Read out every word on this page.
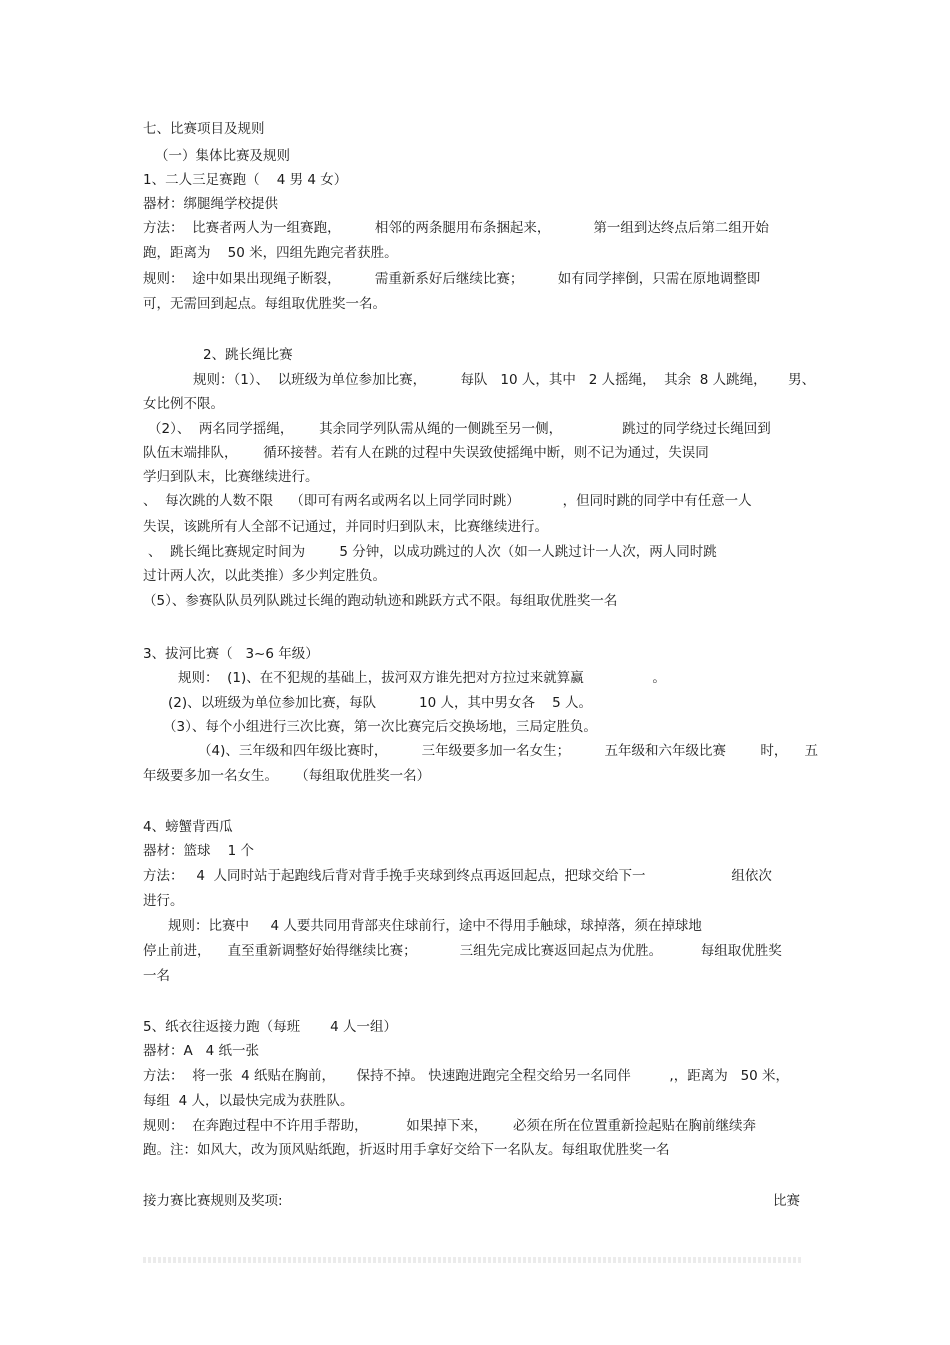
七、比赛项目及规则
（一）集体比赛及规则
1、二人三足赛跑（    4 男 4 女）
器材：绑腿绳学校提供
方法：  比赛者两人为一组赛跑，        相邻的两条腿用布条捆起来，          第一组到达终点后第二组开始
跑，距离为    50 米，四组先跑完者获胜。
规则：  途中如果出现绳子断裂，        需重新系好后继续比赛；        如有同学摔倒，只需在原地调整即
可，无需回到起点。每组取优胜奖一名。
2、跳长绳比赛
规则：（1）、  以班级为单位参加比赛，        每队   10 人，其中   2 人摇绳，  其余  8 人跳绳，     男、
女比例不限。
（2）、  两名同学摇绳，      其余同学列队需从绳的一侧跳至另一侧，              跳过的同学绕过长绳回到
队伍末端排队，      循环接替。若有人在跳的过程中失误致使摇绳中断，则不记为通过，失误同
学归到队末，比赛继续进行。
、  每次跳的人数不限    （即可有两名或两名以上同学同时跳）          ，但同时跳的同学中有任意一人
失误，该跳所有人全部不记通过，并同时归到队末，比赛继续进行。
、  跳长绳比赛规定时间为        5 分钟，以成功跳过的人次（如一人跳过计一人次，两人同时跳
过计两人次，以此类推）多少判定胜负。
（5）、参赛队队员列队跳过长绳的跑动轨迹和跳跃方式不限。每组取优胜奖一名
3、拔河比赛（   3~6 年级）
规则：  (1)、在不犯规的基础上，拔河双方谁先把对方拉过来就算赢                。
(2)、以班级为单位参加比赛，每队          10 人，其中男女各    5 人。
（3）、每个小组进行三次比赛，第一次比赛完后交换场地，三局定胜负。
（4)、三年级和四年级比赛时，        三年级要多加一名女生；        五年级和六年级比赛        时，    五
年级要多加一名女生。    （每组取优胜奖一名）
4、螃蟹背西瓜
器材：篮球    1 个
方法：   4  人同时站于起跑线后背对背手挽手夹球到终点再返回起点，把球交给下一                    组依次
进行。
规则：比赛中     4 人要共同用背部夹住球前行，途中不得用手触球，球掉落，须在掉球地
停止前进，    直至重新调整好始得继续比赛；          三组先完成比赛返回起点为优胜。         每组取优胜奖
一名
5、纸衣往返接力跑（每班       4 人一组）
器材：A   4 纸一张
方法：  将一张  4 纸贴在胸前，     保持不掉。 快速跑进跑完全程交给另一名同伴         ,，距离为   50 米，
每组  4 人，以最快完成为获胜队。
规则：  在奔跑过程中不许用手帮助，         如果掉下来，      必须在所在位置重新捡起贴在胸前继续奔
跑。注：如风大，改为顶风贴纸跑，折返时用手拿好交给下一名队友。每组取优胜奖一名
接力赛比赛规则及奖项:	比赛
